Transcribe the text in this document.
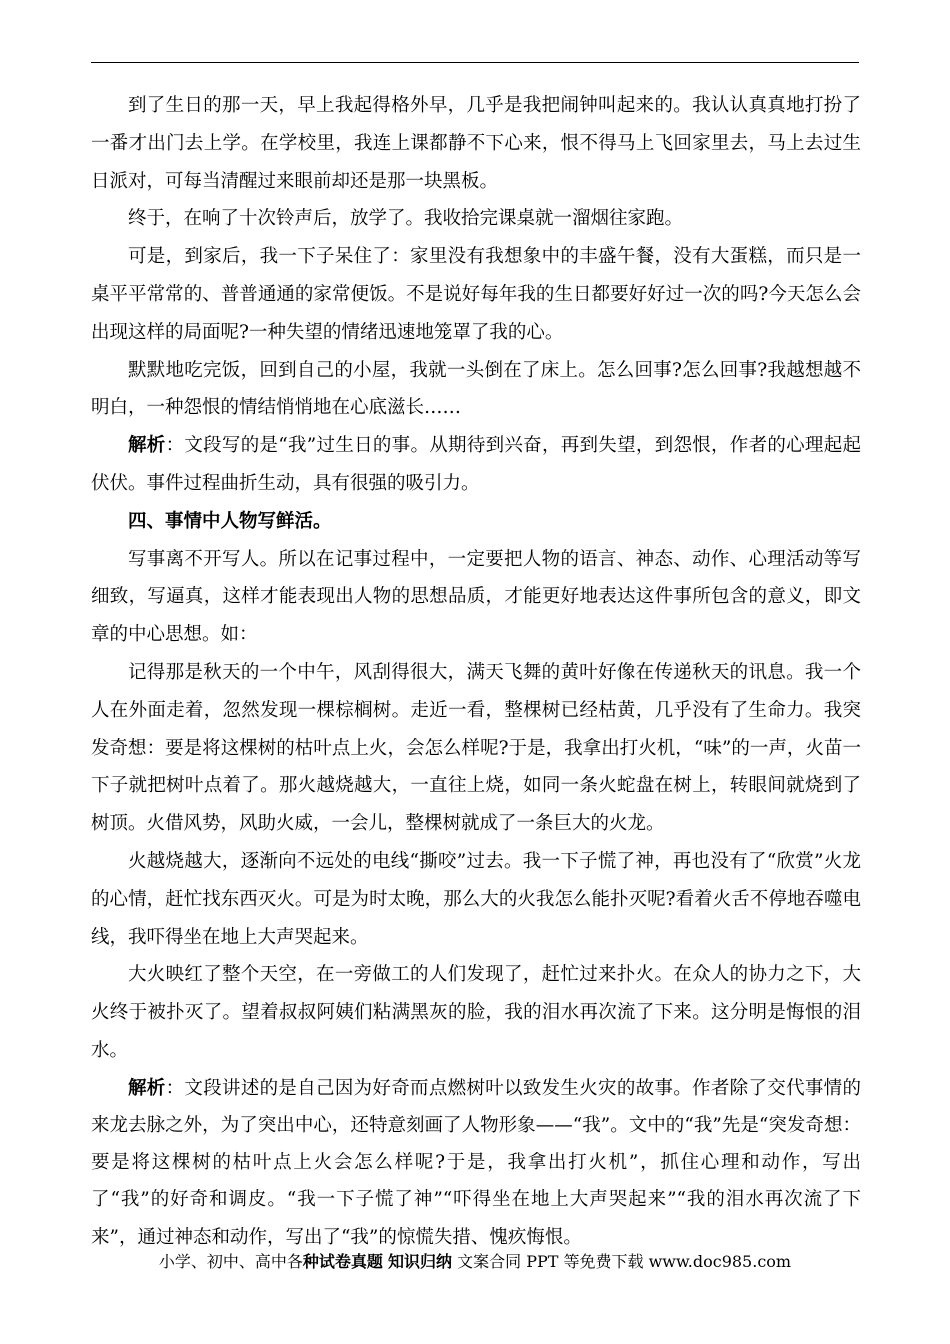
到了生日的那一天，早上我起得格外早，几乎是我把闹钟叫起来的。我认认真真地打扮了一番才出门去上学。在学校里，我连上课都静不下心来，恨不得马上飞回家里去，马上去过生日派对，可每当清醒过来眼前却还是那一块黑板。

终于，在响了十次铃声后，放学了。我收拾完课桌就一溜烟往家跑。

可是，到家后，我一下子呆住了：家里没有我想象中的丰盛午餐，没有大蛋糕，而只是一桌平平常常的、普普通通的家常便饭。不是说好每年我的生日都要好好过一次的吗?今天怎么会出现这样的局面呢?一种失望的情绪迅速地笼罩了我的心。

默默地吃完饭，回到自己的小屋，我就一头倒在了床上。怎么回事?怎么回事?我越想越不明白，一种怨恨的情结悄悄地在心底滋长……

解析：文段写的是“我”过生日的事。从期待到兴奋，再到失望，到怨恨，作者的心理起起伏伏。事件过程曲折生动，具有很强的吸引力。

四、事情中人物写鲜活。

写事离不开写人。所以在记事过程中，一定要把人物的语言、神态、动作、心理活动等写细致，写逼真，这样才能表现出人物的思想品质，才能更好地表达这件事所包含的意义，即文章的中心思想。如：

记得那是秋天的一个中午，风刮得很大，满天飞舞的黄叶好像在传递秋天的讯息。我一个人在外面走着，忽然发现一棵棕榈树。走近一看，整棵树已经枯黄，几乎没有了生命力。我突发奇想：要是将这棵树的枯叶点上火，会怎么样呢?于是，我拿出打火机，“味”的一声，火苗一下子就把树叶点着了。那火越烧越大，一直往上烧，如同一条火蛇盘在树上，转眼间就烧到了树顶。火借风势，风助火威，一会儿，整棵树就成了一条巨大的火龙。

火越烧越大，逐渐向不远处的电线“撕咬”过去。我一下子慌了神，再也没有了“欣赏”火龙的心情，赶忙找东西灭火。可是为时太晚，那么大的火我怎么能扑灭呢?看着火舌不停地吞噬电线，我吓得坐在地上大声哭起来。

大火映红了整个天空，在一旁做工的人们发现了，赶忙过来扑火。在众人的协力之下，大火终于被扑灭了。望着叔叔阿姨们粘满黑灰的脸，我的泪水再次流了下来。这分明是悔恨的泪水。

解析：文段讲述的是自己因为好奇而点燃树叶以致发生火灾的故事。作者除了交代事情的来龙去脉之外，为了突出中心，还特意刻画了人物形象——“我”。文中的“我”先是“突发奇想：要是将这棵树的枯叶点上火会怎么样呢?于是，我拿出打火机”，抓住心理和动作，写出了“我”的好奇和调皮。“我一下子慌了神”“吓得坐在地上大声哭起来”“我的泪水再次流了下来”，通过神态和动作，写出了“我”的惊慌失措、愧疚悔恨。

小学、初中、高中各种试卷真题 知识归纳 文案合同 PPT 等免费下载 www.doc985.com
